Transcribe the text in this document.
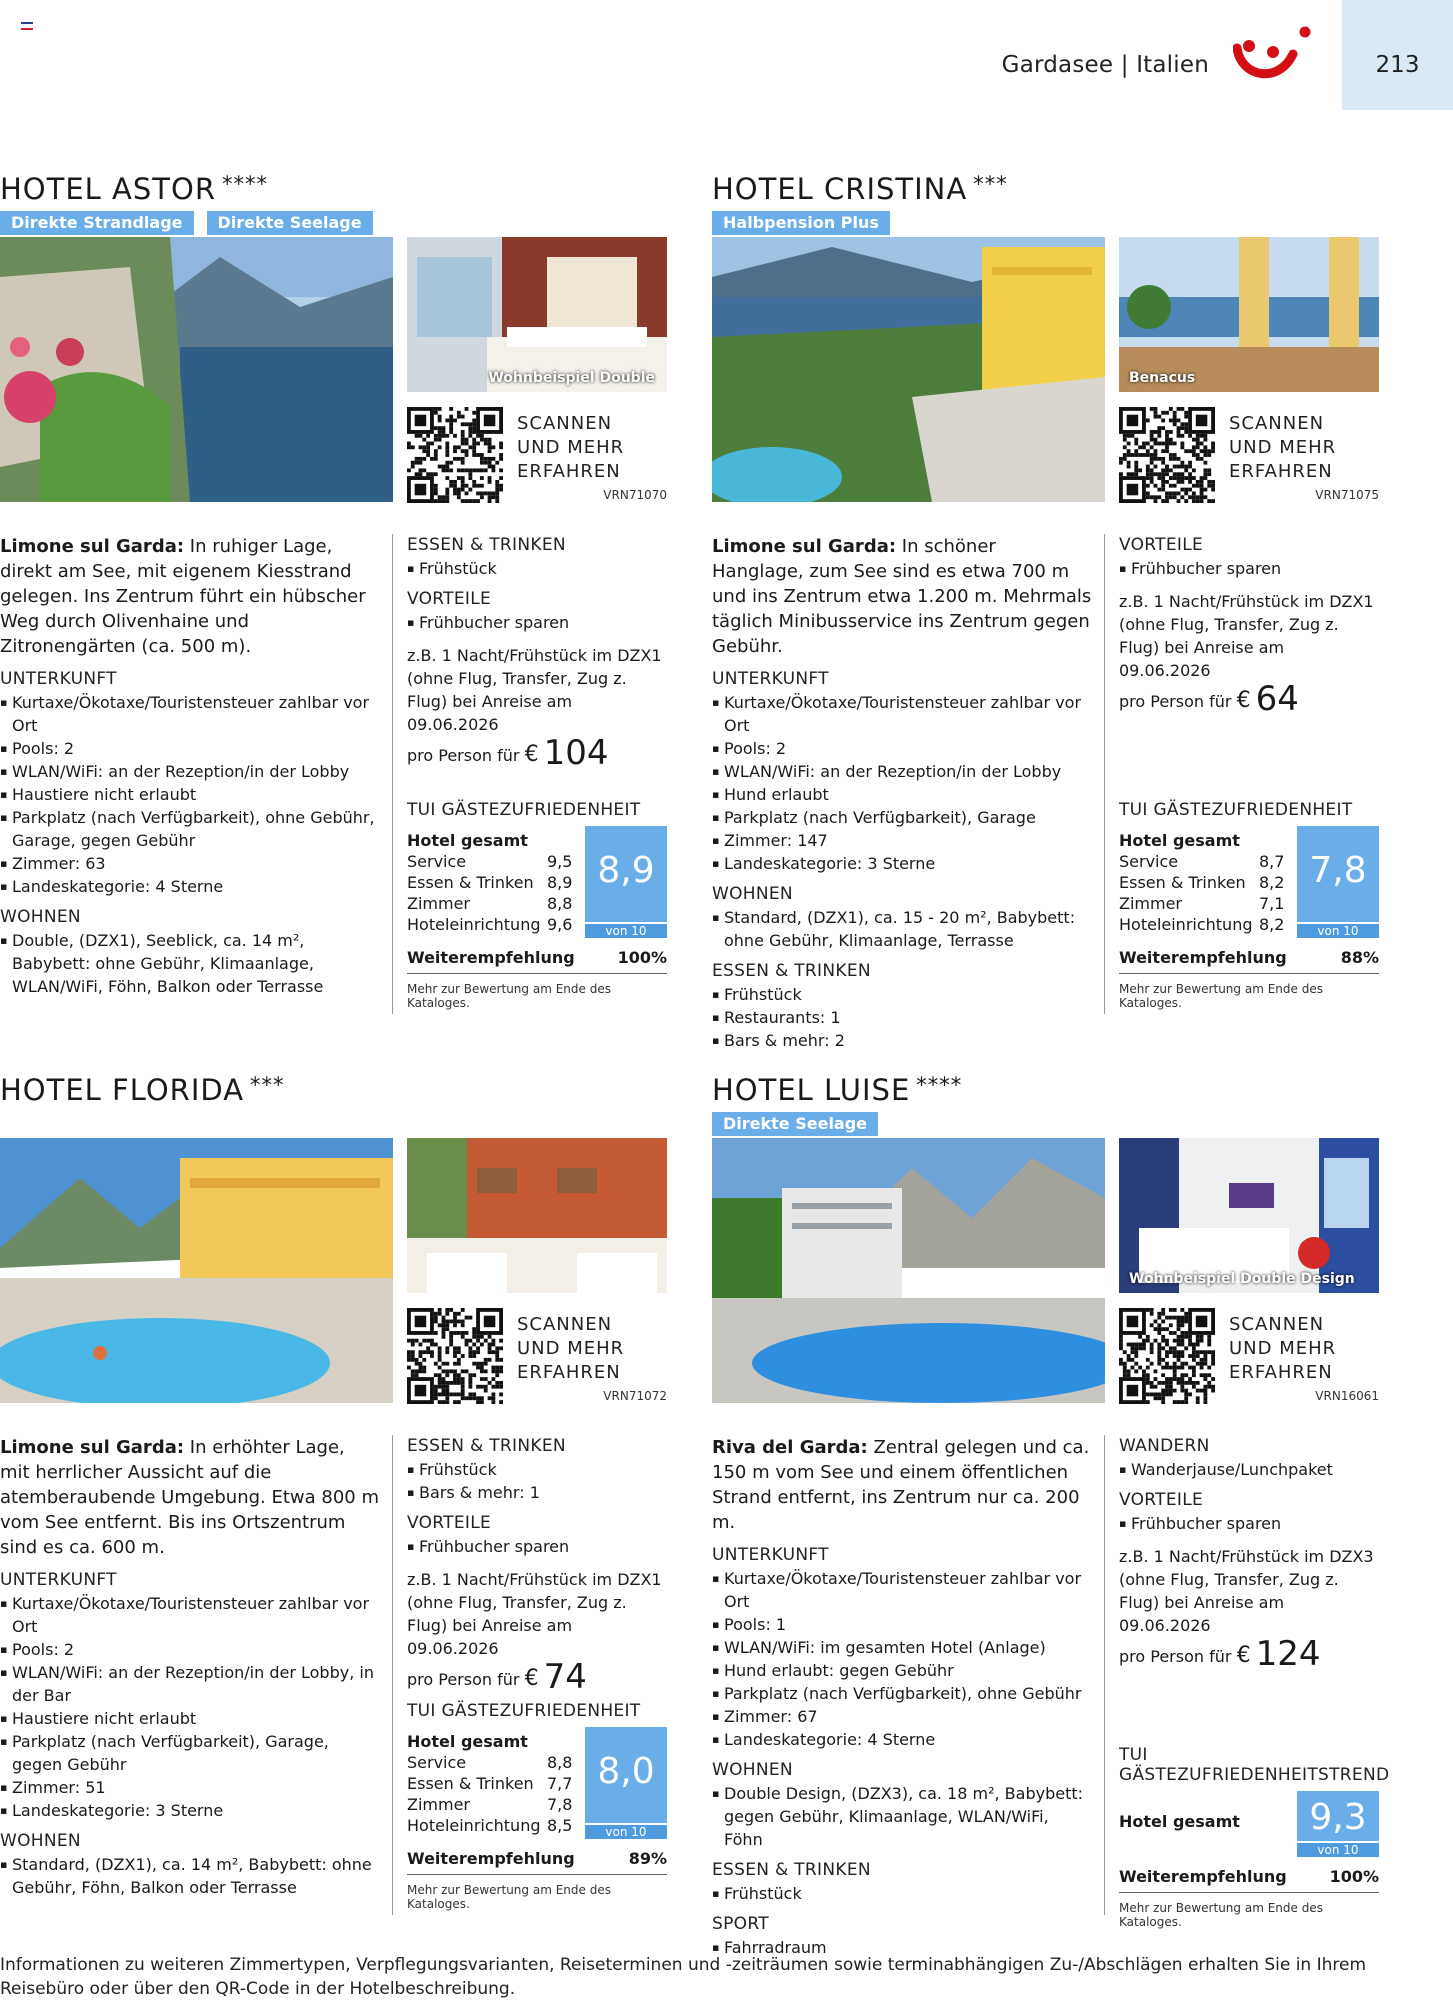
Gardasee | Italien	213
HOTEL ASTOR ****
Direkte Strandlage	Direkte Seelage
Wohnbeispiel Double
SCANNEN
UND MEHR
ERFAHREN
VRN71070
Limone sul Garda: In ruhiger Lage, direkt am See, mit eigenem Kiesstrand gelegen. Ins Zentrum führt ein hübscher Weg durch Olivenhaine und Zitronengärten (ca. 500 m).
UNTERKUNFT
▪ Kurtaxe/Ökotaxe/Touristensteuer zahlbar vor Ort
▪ Pools: 2
▪ WLAN/WiFi: an der Rezeption/in der Lobby
▪ Haustiere nicht erlaubt
▪ Parkplatz (nach Verfügbarkeit), ohne Gebühr, Garage, gegen Gebühr
▪ Zimmer: 63
▪ Landeskategorie: 4 Sterne
WOHNEN
▪ Double, (DZX1), Seeblick, ca. 14 m², Babybett: ohne Gebühr, Klimaanlage, WLAN/WiFi, Föhn, Balkon oder Terrasse
ESSEN & TRINKEN
▪ Frühstück
VORTEILE
▪ Frühbucher sparen
z.B. 1 Nacht/Frühstück im DZX1 (ohne Flug, Transfer, Zug z. Flug) bei Anreise am 09.06.2026
pro Person für € 104
TUI GÄSTEZUFRIEDENHEIT
Hotel gesamt
Service	9,5
Essen & Trinken 8,9
Zimmer	8,8
Hoteleinrichtung 9,6
8,9
von 10
Weiterempfehlung	100%
Mehr zur Bewertung am Ende des Kataloges.
HOTEL CRISTINA ***
Halbpension Plus
Benacus
SCANNEN
UND MEHR
ERFAHREN
VRN71075
Limone sul Garda: In schöner Hanglage, zum See sind es etwa 700 m und ins Zentrum etwa 1.200 m. Mehrmals täglich Minibusservice ins Zentrum gegen Gebühr.
UNTERKUNFT
▪ Kurtaxe/Ökotaxe/Touristensteuer zahlbar vor Ort
▪ Pools: 2
▪ WLAN/WiFi: an der Rezeption/in der Lobby
▪ Hund erlaubt
▪ Parkplatz (nach Verfügbarkeit), Garage
▪ Zimmer: 147
▪ Landeskategorie: 3 Sterne
WOHNEN
▪ Standard, (DZX1), ca. 15 - 20 m², Babybett: ohne Gebühr, Klimaanlage, Terrasse
ESSEN & TRINKEN
▪ Frühstück
▪ Restaurants: 1
▪ Bars & mehr: 2
VORTEILE
▪ Frühbucher sparen
z.B. 1 Nacht/Frühstück im DZX1 (ohne Flug, Transfer, Zug z. Flug) bei Anreise am 09.06.2026
pro Person für € 64
TUI GÄSTEZUFRIEDENHEIT
Hotel gesamt
Service	8,7
Essen & Trinken 8,2
Zimmer	7,1
Hoteleinrichtung 8,2
7,8
von 10
Weiterempfehlung	88%
Mehr zur Bewertung am Ende des Kataloges.
HOTEL FLORIDA ***
SCANNEN
UND MEHR
ERFAHREN
VRN71072
Limone sul Garda: In erhöhter Lage, mit herrlicher Aussicht auf die atemberaubende Umgebung. Etwa 800 m vom See entfernt. Bis ins Ortszentrum sind es ca. 600 m.
UNTERKUNFT
▪ Kurtaxe/Ökotaxe/Touristensteuer zahlbar vor Ort
▪ Pools: 2
▪ WLAN/WiFi: an der Rezeption/in der Lobby, in der Bar
▪ Haustiere nicht erlaubt
▪ Parkplatz (nach Verfügbarkeit), Garage, gegen Gebühr
▪ Zimmer: 51
▪ Landeskategorie: 3 Sterne
WOHNEN
▪ Standard, (DZX1), ca. 14 m², Babybett: ohne Gebühr, Föhn, Balkon oder Terrasse
ESSEN & TRINKEN
▪ Frühstück
▪ Bars & mehr: 1
VORTEILE
▪ Frühbucher sparen
z.B. 1 Nacht/Frühstück im DZX1 (ohne Flug, Transfer, Zug z. Flug) bei Anreise am 09.06.2026
pro Person für € 74
TUI GÄSTEZUFRIEDENHEIT
Hotel gesamt
Service	8,8
Essen & Trinken 7,7
Zimmer	7,8
Hoteleinrichtung 8,5
8,0
von 10
Weiterempfehlung	89%
Mehr zur Bewertung am Ende des Kataloges.
HOTEL LUISE ****
Direkte Seelage
Wohnbeispiel Double Design
SCANNEN
UND MEHR
ERFAHREN
VRN16061
Riva del Garda: Zentral gelegen und ca. 150 m vom See und einem öffentlichen Strand entfernt, ins Zentrum nur ca. 200 m.
UNTERKUNFT
▪ Kurtaxe/Ökotaxe/Touristensteuer zahlbar vor Ort
▪ Pools: 1
▪ WLAN/WiFi: im gesamten Hotel (Anlage)
▪ Hund erlaubt: gegen Gebühr
▪ Parkplatz (nach Verfügbarkeit), ohne Gebühr
▪ Zimmer: 67
▪ Landeskategorie: 4 Sterne
WOHNEN
▪ Double Design, (DZX3), ca. 18 m², Babybett: gegen Gebühr, Klimaanlage, WLAN/WiFi, Föhn
ESSEN & TRINKEN
▪ Frühstück
SPORT
▪ Fahrradraum
WANDERN
▪ Wanderjause/Lunchpaket
VORTEILE
▪ Frühbucher sparen
z.B. 1 Nacht/Frühstück im DZX3 (ohne Flug, Transfer, Zug z. Flug) bei Anreise am 09.06.2026
pro Person für € 124
TUI GÄSTEZUFRIEDENHEITSTREND
Hotel gesamt	9,3
von 10
Weiterempfehlung	100%
Mehr zur Bewertung am Ende des Kataloges.
Informationen zu weiteren Zimmertypen, Verpflegungsvarianten, Reiseterminen und -zeiträumen sowie terminabhängigen Zu-/Abschlägen erhalten Sie in Ihrem Reisebüro oder über den QR-Code in der Hotelbeschreibung.
